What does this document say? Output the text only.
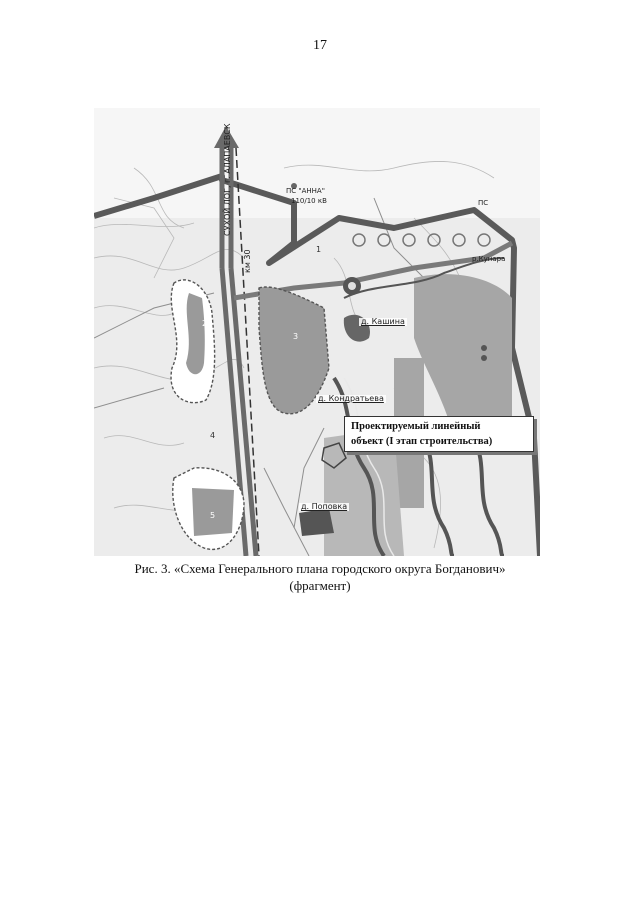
17
СУХОЙ ЛОГ, г. АЛАПАЕВСК
км 30
ПС "АННА"
110/10 кВ	ПС
р.Кунара
д. Кашина
д. Кондратьева
д. Поповка
2
3
4
5
1
Проектируемый линейный
объект (I этап строительства)
Рис. 3. «Схема Генерального плана городского округа Богданович»
(фрагмент)
